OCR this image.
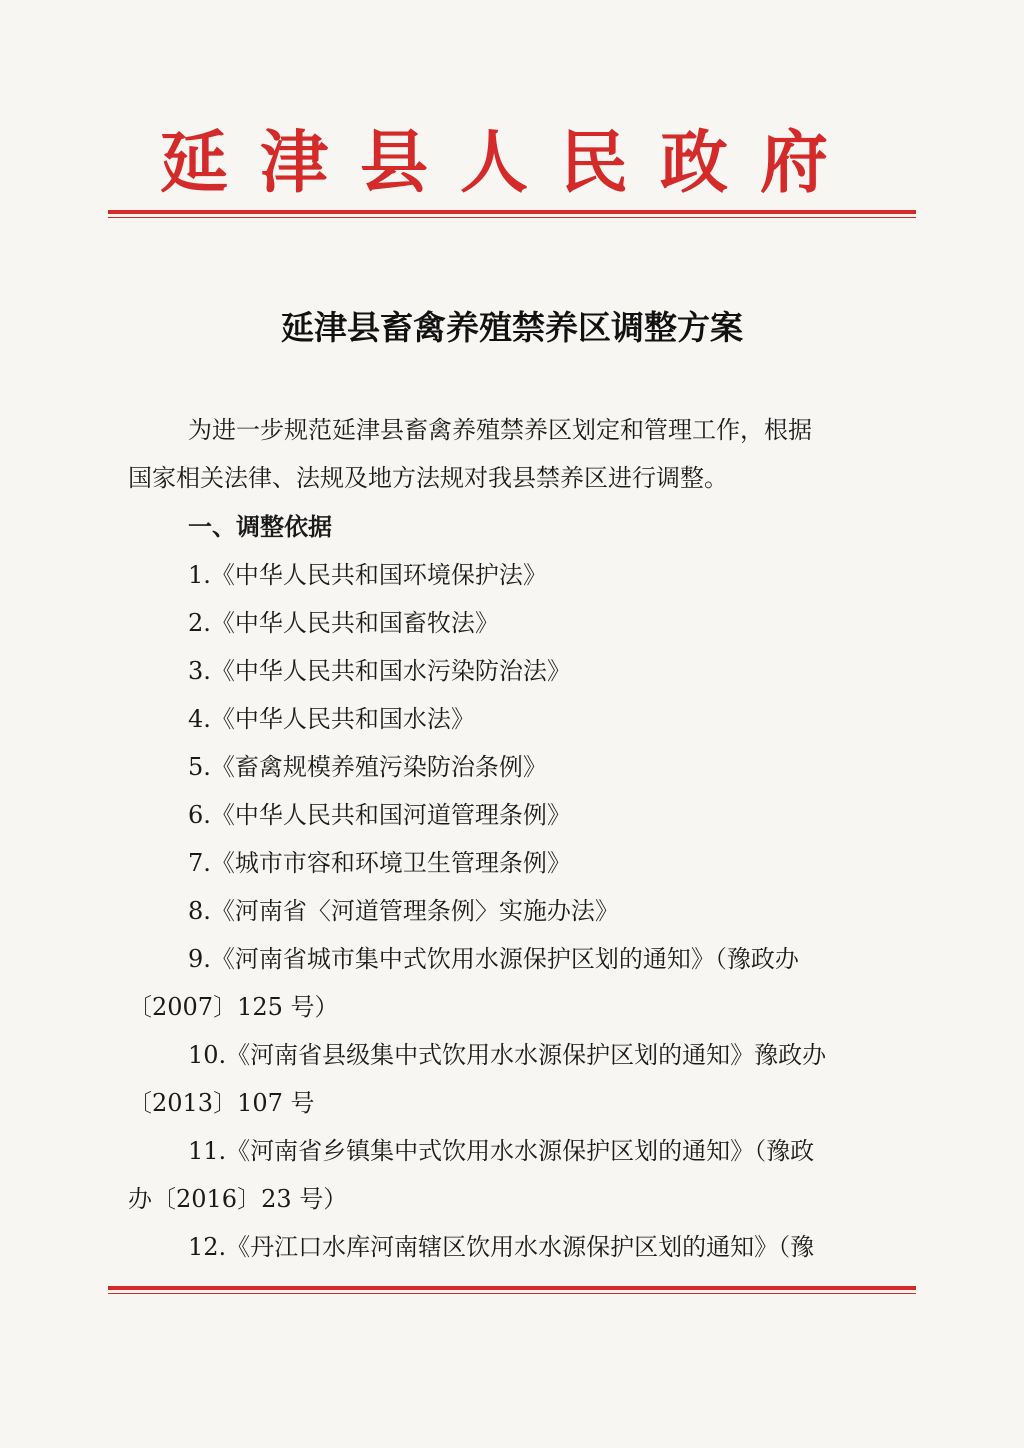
延津县人民政府
延津县畜禽养殖禁养区调整方案
为进一步规范延津县畜禽养殖禁养区划定和管理工作，根据
国家相关法律、法规及地方法规对我县禁养区进行调整。
一、调整依据
1.《中华人民共和国环境保护法》
2.《中华人民共和国畜牧法》
3.《中华人民共和国水污染防治法》
4.《中华人民共和国水法》
5.《畜禽规模养殖污染防治条例》
6.《中华人民共和国河道管理条例》
7.《城市市容和环境卫生管理条例》
8.《河南省〈河道管理条例〉实施办法》
9.《河南省城市集中式饮用水源保护区划的通知》（豫政办
〔2007〕125 号）
10.《河南省县级集中式饮用水水源保护区划的通知》豫政办
〔2013〕107 号
11.《河南省乡镇集中式饮用水水源保护区划的通知》（豫政
办〔2016〕23 号）
12.《丹江口水库河南辖区饮用水水源保护区划的通知》（豫
